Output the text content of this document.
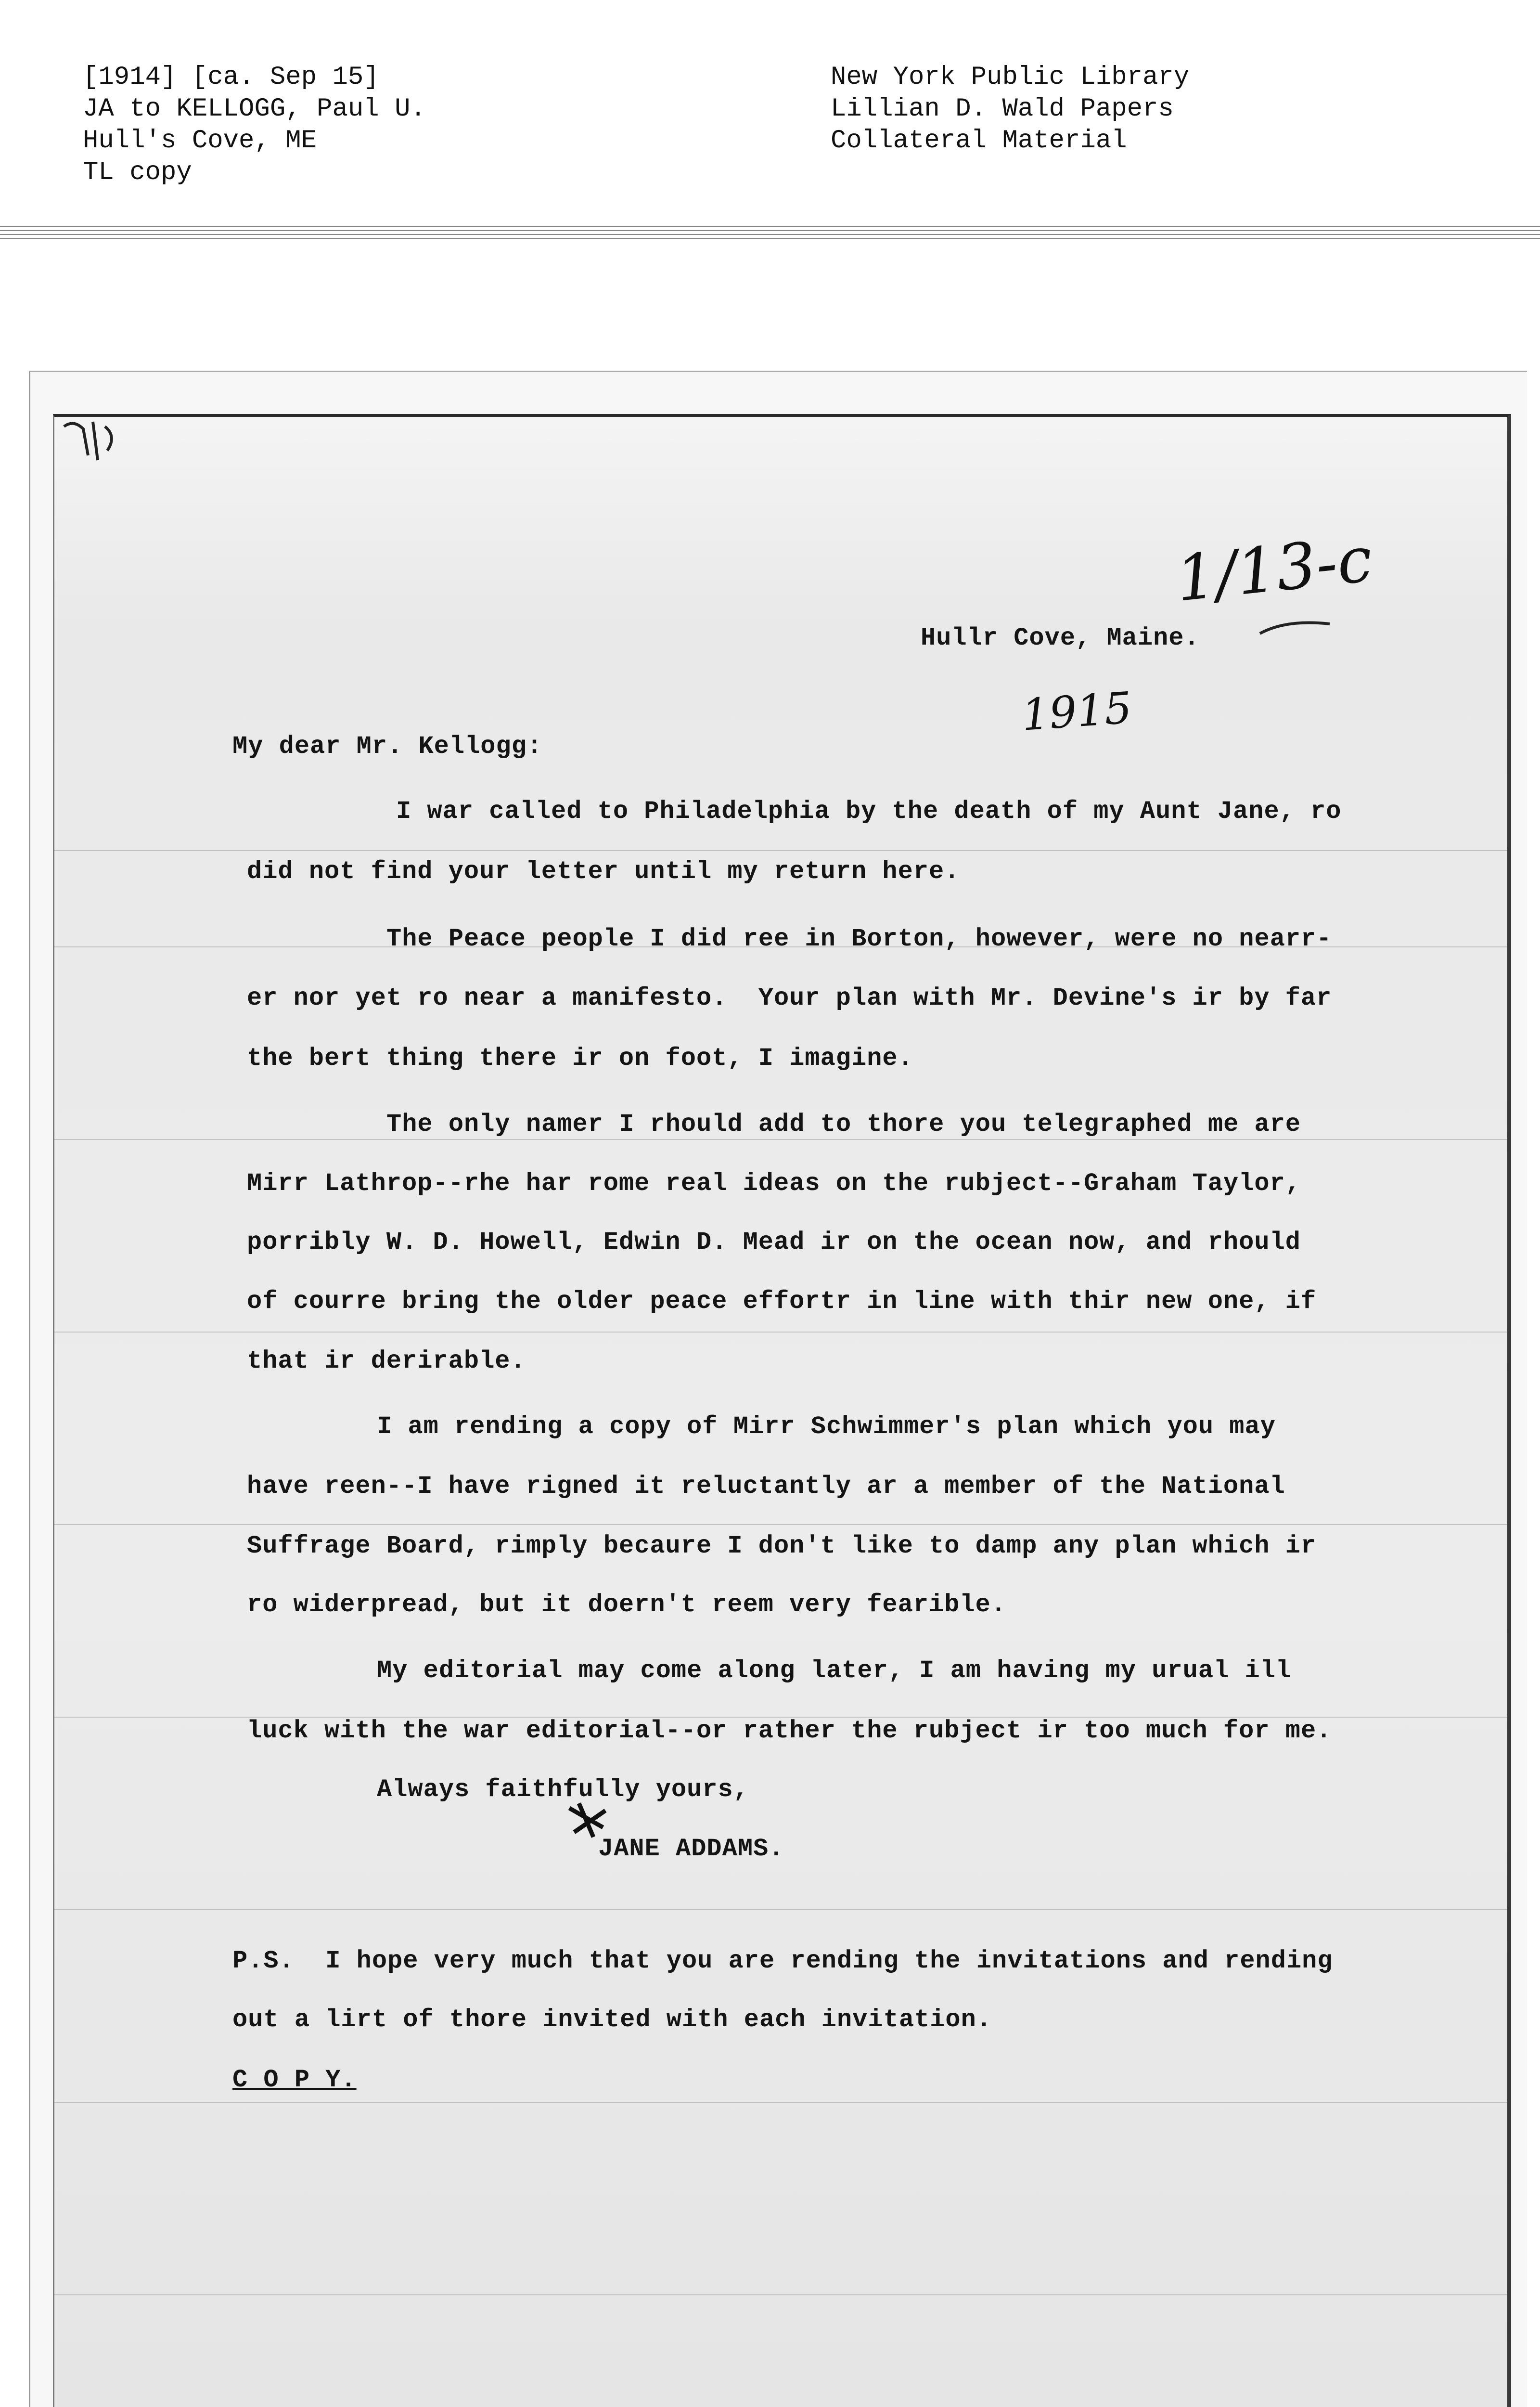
[1914] [ca. Sep 15]
JA to KELLOGG, Paul U.
Hull's Cove, ME
TL copy
New York Public Library
Lillian D. Wald Papers
Collateral Material
1/13-c
Hullr Cove, Maine.
1915
My dear Mr. Kellogg:
I war called to Philadelphia by the death of my Aunt Jane, ro
did not find your letter until my return here.
The Peace people I did ree in Borton, however, were no nearr-
er nor yet ro near a manifesto.  Your plan with Mr. Devine's ir by far
the bert thing there ir on foot, I imagine.
The only namer I rhould add to thore you telegraphed me are
Mirr Lathrop--rhe har rome real ideas on the rubject--Graham Taylor,
porribly W. D. Howell, Edwin D. Mead ir on the ocean now, and rhould
of courre bring the older peace effortr in line with thir new one, if
that ir derirable.
I am rending a copy of Mirr Schwimmer's plan which you may
have reen--I have rigned it reluctantly ar a member of the National
Suffrage Board, rimply becaure I don't like to damp any plan which ir
ro widerpread, but it doern't reem very fearible.
My editorial may come along later, I am having my urual ill
luck with the war editorial--or rather the rubject ir too much for me.
Always faithfully yours,
JANE ADDAMS.
P.S.  I hope very much that you are rending the invitations and rending
out a lirt of thore invited with each invitation.
C O P Y.
